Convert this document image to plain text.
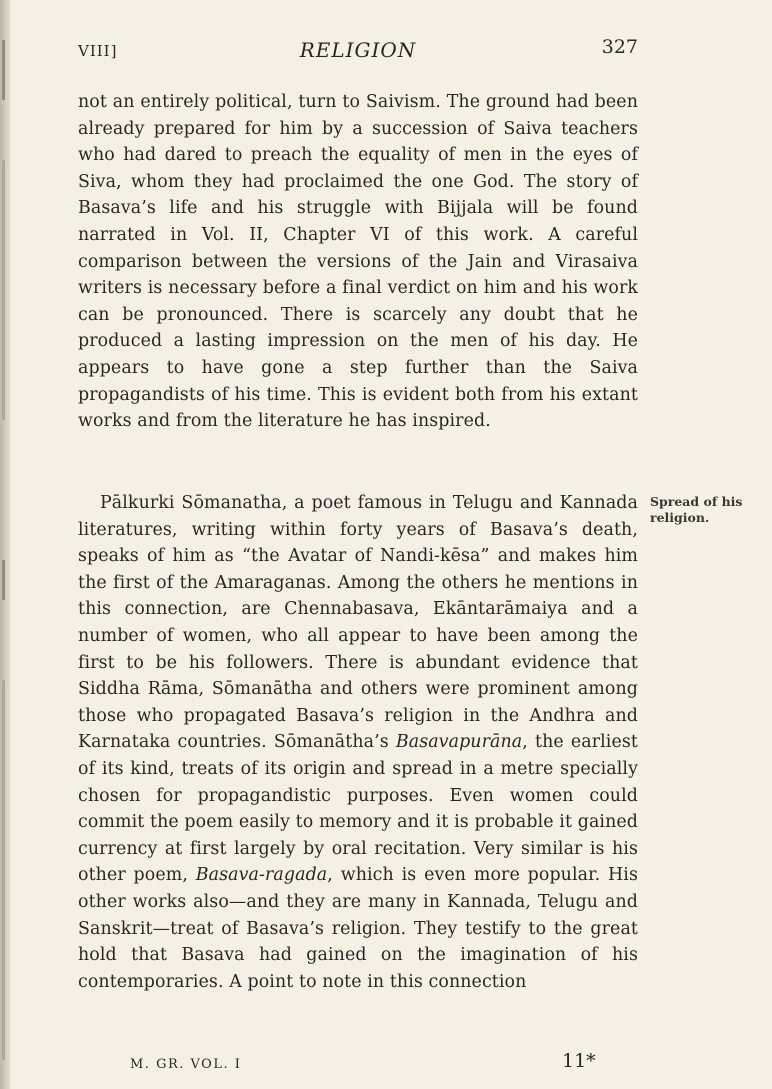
VIII]	RELIGION	327

not an entirely political, turn to Saivism. The ground had been already prepared for him by a succession of Saiva teachers who had dared to preach the equality of men in the eyes of Siva, whom they had proclaimed the one God. The story of Basava’s life and his struggle with Bijjala will be found narrated in Vol. II, Chapter VI of this work. A careful comparison between the versions of the Jain and Virasaiva writers is necessary before a final verdict on him and his work can be pronounced. There is scarcely any doubt that he produced a lasting impression on the men of his day. He appears to have gone a step further than the Saiva propagandists of his time. This is evident both from his extant works and from the literature he has inspired.

Pālkurki Sōmanatha, a poet famous in Telugu and Kannada literatures, writing within forty years of Basava’s death, speaks of him as “the Avatar of Nandi-kēsa” and makes him the first of the Amaraganas. Among the others he mentions in this connection, are Chennabasava, Ekāntarāmaiya and a number of women, who all appear to have been among the first to be his followers. There is abundant evidence that Siddha Rāma, Sōmanātha and others were prominent among those who propagated Basava’s religion in the Andhra and Karnataka countries. Sōmanātha’s Basavapurāna, the earliest of its kind, treats of its origin and spread in a metre specially chosen for propagandistic purposes. Even women could commit the poem easily to memory and it is probable it gained currency at first largely by oral recitation. Very similar is his other poem, Basava-ragada, which is even more popular. His other works also—and they are many in Kannada, Telugu and Sanskrit—treat of Basava’s religion. They testify to the great hold that Basava had gained on the imagination of his contemporaries. A point to note in this connection

Spread of his religion.
M. GR. VOL. I	11*
